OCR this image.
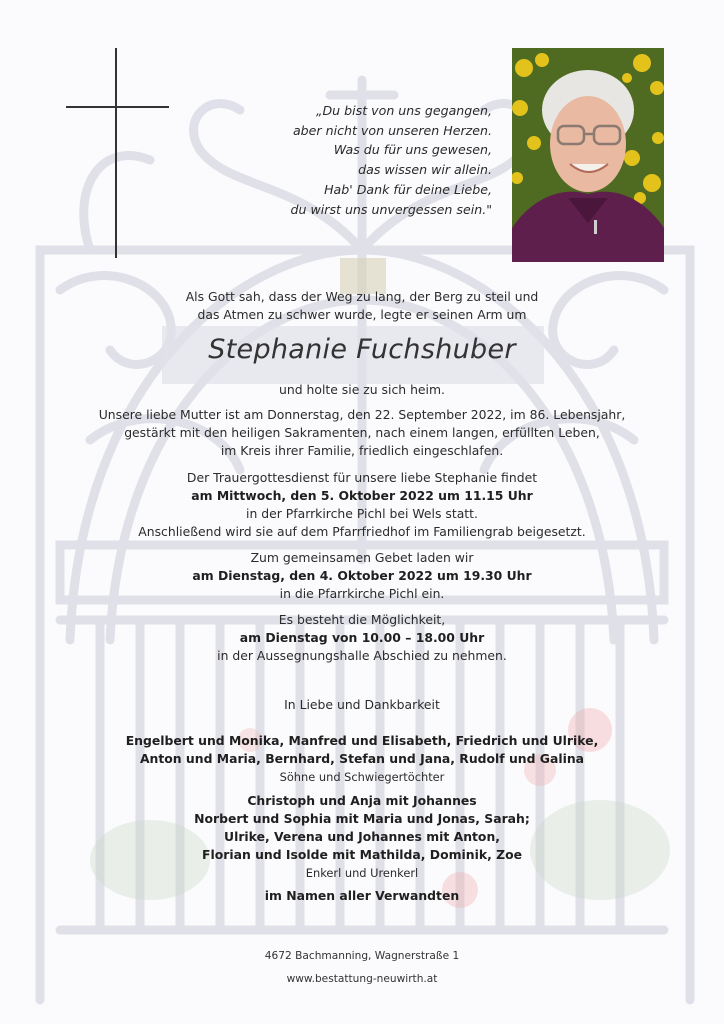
„Du bist von uns gegangen,
aber nicht von unseren Herzen.
Was du für uns gewesen,
das wissen wir allein.
Hab' Dank für deine Liebe,
du wirst uns unvergessen sein."
Als Gott sah, dass der Weg zu lang, der Berg zu steil und
das Atmen zu schwer wurde, legte er seinen Arm um
und holte sie zu sich heim.
Unsere liebe Mutter ist am Donnerstag, den 22. September 2022, im 86. Lebensjahr,
gestärkt mit den heiligen Sakramenten, nach einem langen, erfüllten Leben,
im Kreis ihrer Familie, friedlich eingeschlafen.
Der Trauergottesdienst für unsere liebe Stephanie findet
am Mittwoch, den 5. Oktober 2022 um 11.15 Uhr
in der Pfarrkirche Pichl bei Wels statt.
Anschließend wird sie auf dem Pfarrfriedhof im Familiengrab beigesetzt.
Zum gemeinsamen Gebet laden wir
am Dienstag, den 4. Oktober 2022 um 19.30 Uhr
in die Pfarrkirche Pichl ein.
Es besteht die Möglichkeit,
am Dienstag von 10.00 – 18.00 Uhr
in der Aussegnungshalle Abschied zu nehmen.
In Liebe und Dankbarkeit
Engelbert und Monika, Manfred und Elisabeth, Friedrich und Ulrike,
Anton und Maria, Bernhard, Stefan und Jana, Rudolf und Galina
Söhne und Schwiegertöchter
Christoph und Anja mit Johannes
Norbert und Sophia mit Maria und Jonas, Sarah;
Ulrike, Verena und Johannes mit Anton,
Florian und Isolde mit Mathilda, Dominik, Zoe
Enkerl und Urenkerl
im Namen aller Verwandten
4672 Bachmanning, Wagnerstraße 1
www.bestattung-neuwirth.at
Stephanie Fuchshuber
